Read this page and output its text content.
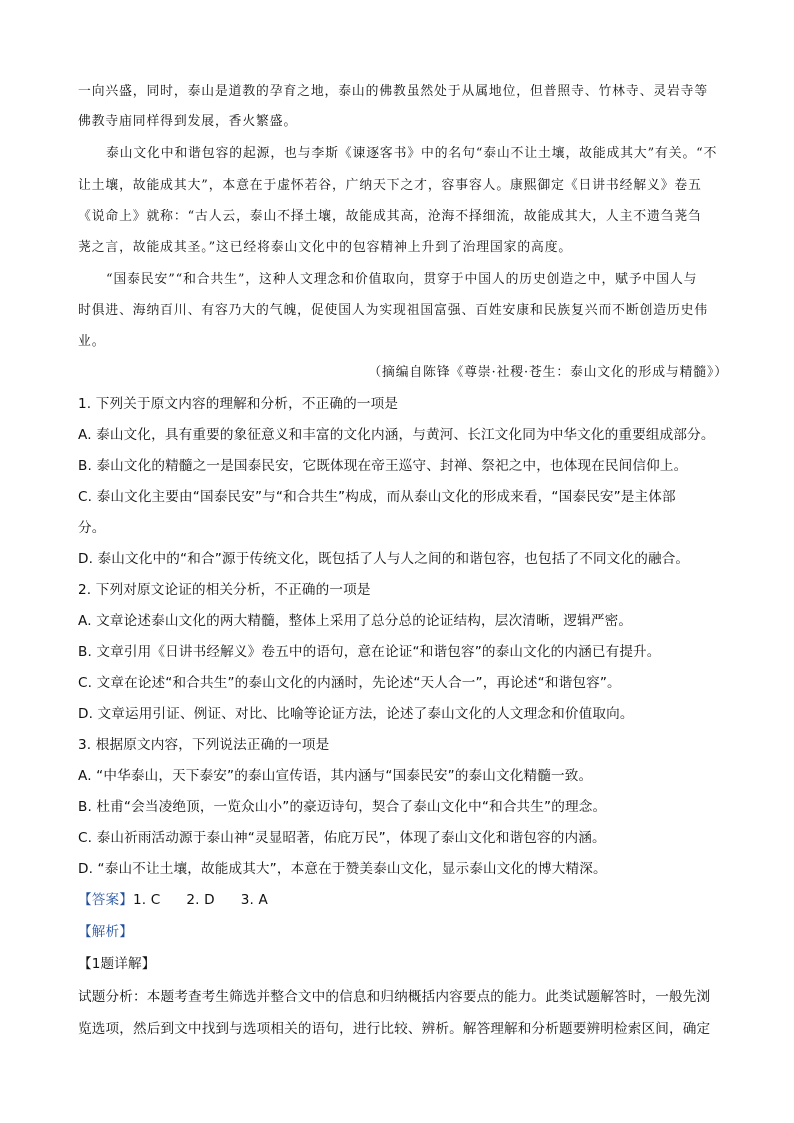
一向兴盛，同时，泰山是道教的孕育之地，泰山的佛教虽然处于从属地位，但普照寺、竹林寺、灵岩寺等
佛教寺庙同样得到发展，香火繁盛。
泰山文化中和谐包容的起源，也与李斯《谏逐客书》中的名句“泰山不让土壤，故能成其大”有关。“不
让土壤，故能成其大”，本意在于虚怀若谷，广纳天下之才，容事容人。康熙御定《日讲书经解义》卷五
《说命上》就称：“古人云，泰山不择土壤，故能成其高，沧海不择细流，故能成其大，人主不遗刍荛刍
荛之言，故能成其圣。”这已经将泰山文化中的包容精神上升到了治理国家的高度。
“国泰民安”“和合共生”，这种人文理念和价值取向，贯穿于中国人的历史创造之中，赋予中国人与
时俱进、海纳百川、有容乃大的气魄，促使国人为实现祖国富强、百姓安康和民族复兴而不断创造历史伟
业。
（摘编自陈锋《尊崇·社稷·苍生：泰山文化的形成与精髓》）
1. 下列关于原文内容的理解和分析，不正确的一项是
A. 泰山文化，具有重要的象征意义和丰富的文化内涵，与黄河、长江文化同为中华文化的重要组成部分。
B. 泰山文化的精髓之一是国泰民安，它既体现在帝王巡守、封禅、祭祀之中，也体现在民间信仰上。
C. 泰山文化主要由“国泰民安”与“和合共生”构成，而从泰山文化的形成来看，“国泰民安”是主体部
分。
D. 泰山文化中的“和合”源于传统文化，既包括了人与人之间的和谐包容，也包括了不同文化的融合。
2. 下列对原文论证的相关分析，不正确的一项是
A. 文章论述泰山文化的两大精髓，整体上采用了总分总的论证结构，层次清晰，逻辑严密。
B. 文章引用《日讲书经解义》卷五中的语句，意在论证“和谐包容”的泰山文化的内涵已有提升。
C. 文章在论述“和合共生”的泰山文化的内涵时，先论述“天人合一”，再论述“和谐包容”。
D. 文章运用引证、例证、对比、比喻等论证方法，论述了泰山文化的人文理念和价值取向。
3. 根据原文内容，下列说法正确的一项是
A. “中华泰山，天下泰安”的泰山宣传语，其内涵与“国泰民安”的泰山文化精髓一致。
B. 杜甫“会当凌绝顶，一览众山小”的豪迈诗句，契合了泰山文化中“和合共生”的理念。
C. 泰山祈雨活动源于泰山神“灵显昭著，佑庇万民”，体现了泰山文化和谐包容的内涵。
D. “泰山不让土壤，故能成其大”，本意在于赞美泰山文化，显示泰山文化的博大精深。
【答案】1. C 2. D 3. A
【解析】
【1题详解】
试题分析：本题考查考生筛选并整合文中的信息和归纳概括内容要点的能力。此类试题解答时，一般先浏
览选项，然后到文中找到与选项相关的语句，进行比较、辨析。解答理解和分析题要辨明检索区间，确定
